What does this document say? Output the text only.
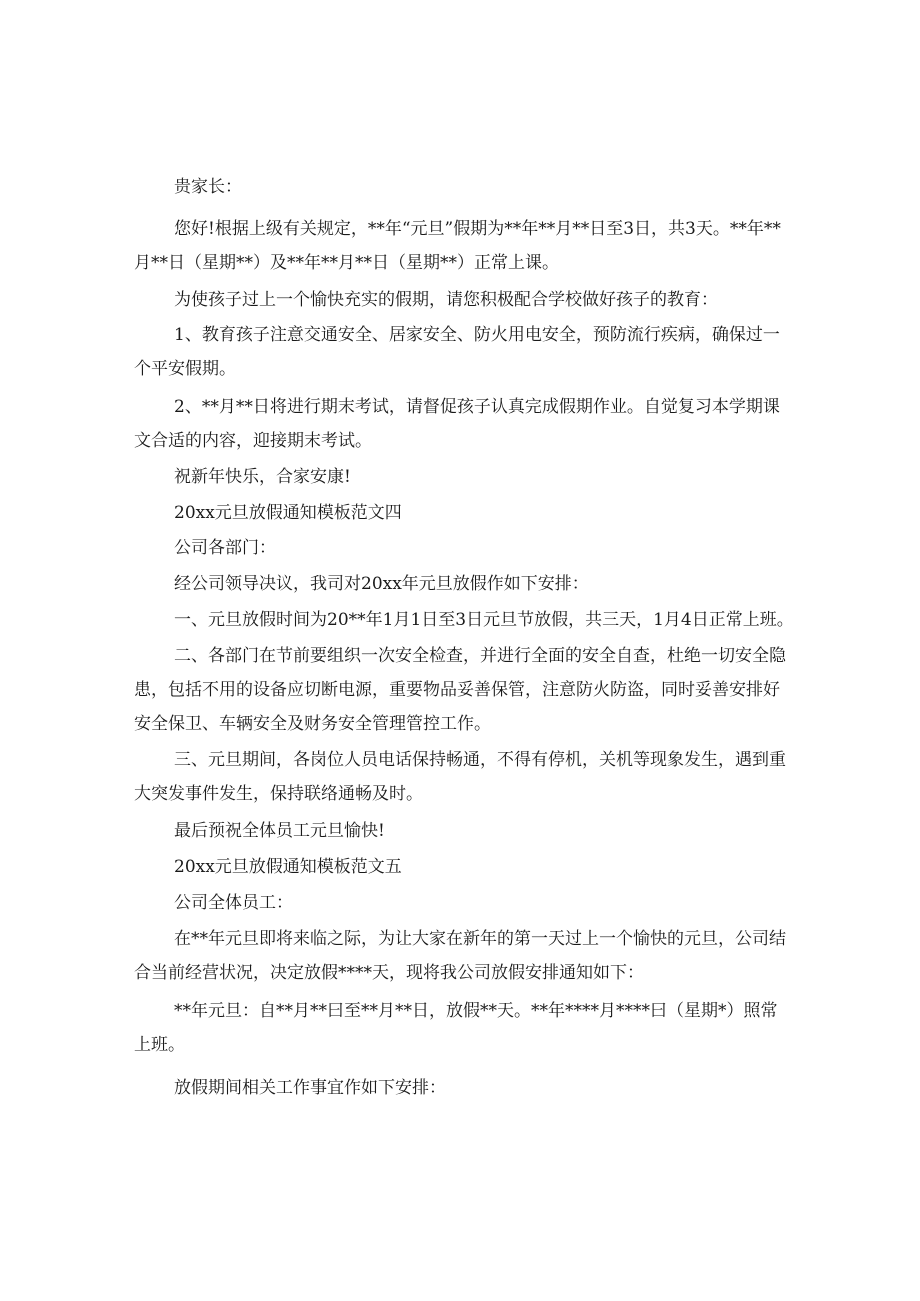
贵家长：

您好!根据上级有关规定，**年“元旦”假期为**年**月**日至3日，共3天。**年**月**日（星期**）及**年**月**日（星期**）正常上课。

为使孩子过上一个愉快充实的假期，请您积极配合学校做好孩子的教育：

1、教育孩子注意交通安全、居家安全、防火用电安全，预防流行疾病，确保过一个平安假期。

2、**月**日将进行期末考试，请督促孩子认真完成假期作业。自觉复习本学期课文合适的内容，迎接期末考试。

祝新年快乐，合家安康!

20xx元旦放假通知模板范文四

公司各部门：

经公司领导决议，我司对20xx年元旦放假作如下安排：

一、元旦放假时间为20**年1月1日至3日元旦节放假，共三天，1月4日正常上班。

二、各部门在节前要组织一次安全检查，并进行全面的安全自查，杜绝一切安全隐患，包括不用的设备应切断电源，重要物品妥善保管，注意防火防盗，同时妥善安排好安全保卫、车辆安全及财务安全管理管控工作。

三、元旦期间，各岗位人员电话保持畅通，不得有停机，关机等现象发生，遇到重大突发事件发生，保持联络通畅及时。

最后预祝全体员工元旦愉快!

20xx元旦放假通知模板范文五

公司全体员工：

在**年元旦即将来临之际，为让大家在新年的第一天过上一个愉快的元旦，公司结合当前经营状况，决定放假****天，现将我公司放假安排通知如下：

**年元旦：自**月**曰至**月**日，放假**天。**年****月****曰（星期*）照常上班。

放假期间相关工作事宜作如下安排：
